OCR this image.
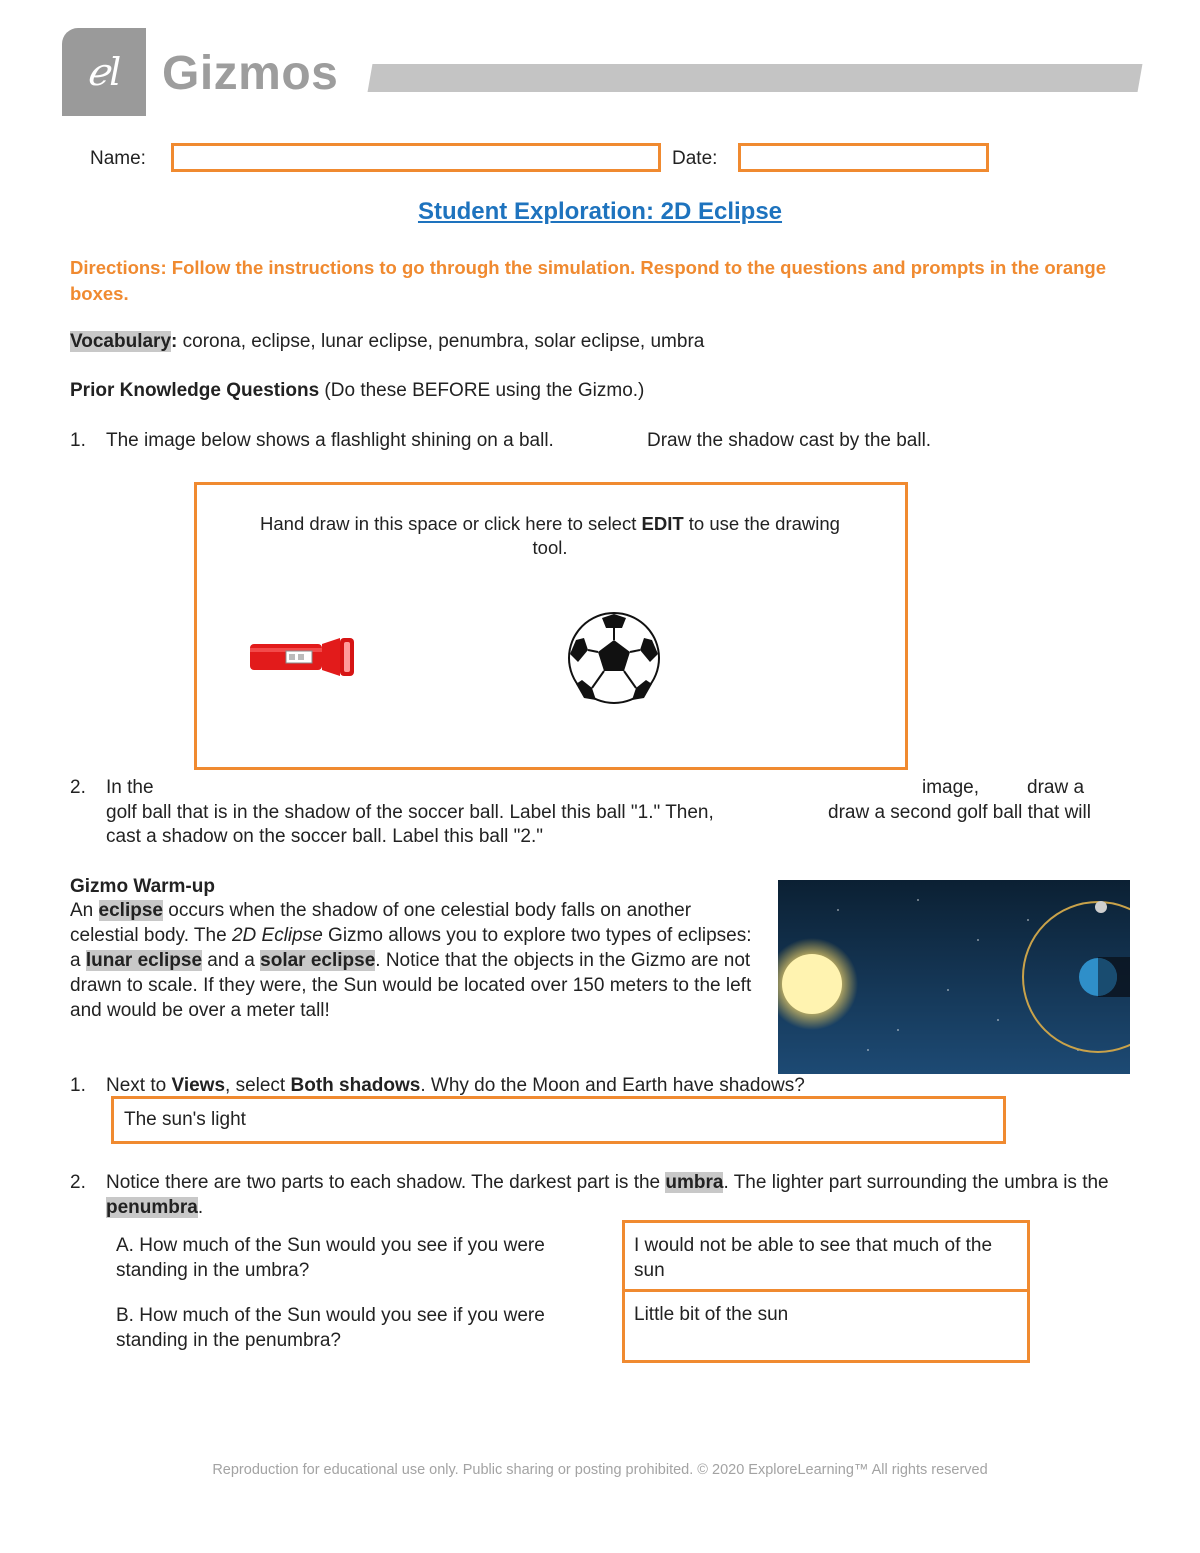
ℯl Gizmos
Name:	Date:
Student Exploration: 2D Eclipse
Directions: Follow the instructions to go through the simulation. Respond to the questions and prompts in the orange boxes.
Vocabulary: corona, eclipse, lunar eclipse, penumbra, solar eclipse, umbra
Prior Knowledge Questions (Do these BEFORE using the Gizmo.)
1. The image below shows a flashlight shining on a ball.	Draw the shadow cast by the ball.
Hand draw in this space or click here to select EDIT to use the drawing tool.
2. In the	image,	draw a
golf ball that is in the shadow of the soccer ball. Label this ball "1." Then,	draw a second golf ball that will
cast a shadow on the soccer ball. Label this ball "2."
Gizmo Warm-up
An eclipse occurs when the shadow of one celestial body falls on another celestial body. The 2D Eclipse Gizmo allows you to explore two types of eclipses: a lunar eclipse and a solar eclipse. Notice that the objects in the Gizmo are not drawn to scale. If they were, the Sun would be located over 150 meters to the left and would be over a meter tall!
1. Next to Views, select Both shadows. Why do the Moon and Earth have shadows?
The sun's light
2. Notice there are two parts to each shadow. The darkest part is the umbra. The lighter part surrounding the umbra is the penumbra.
A. How much of the Sun would you see if you were standing in the umbra?
I would not be able to see that much of the sun
B. How much of the Sun would you see if you were standing in the penumbra?
Little bit of the sun
Reproduction for educational use only. Public sharing or posting prohibited. © 2020 ExploreLearning™ All rights reserved
